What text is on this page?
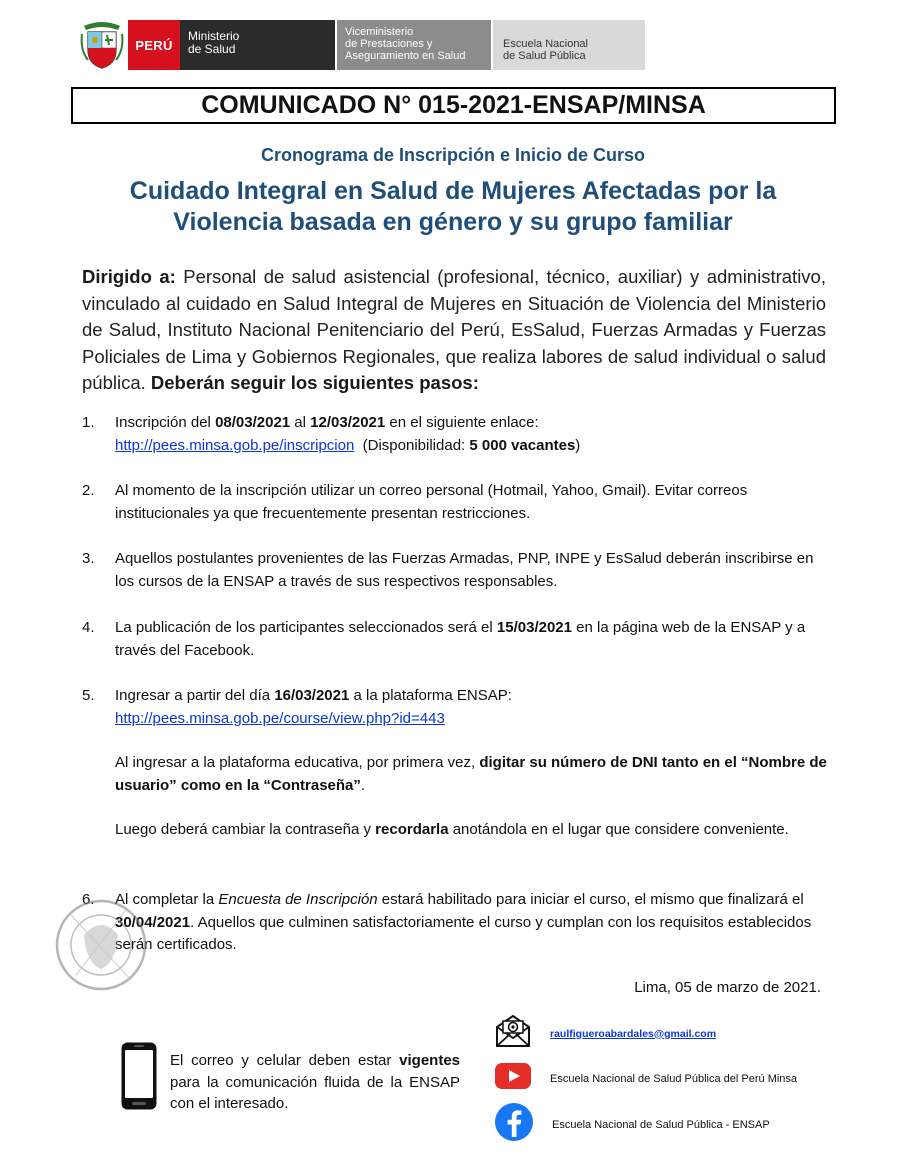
PERÚ
Ministerio
de Salud
Viceministerio
de Prestaciones y
Aseguramiento en Salud
Escuela Nacional
de Salud Pública
COMUNICADO N° 015-2021-ENSAP/MINSA
Cronograma de Inscripción e Inicio de Curso
Cuidado Integral en Salud de Mujeres Afectadas por la
Violencia basada en género y su grupo familiar
Dirigido a: Personal de salud asistencial (profesional, técnico, auxiliar) y administrativo, vinculado al cuidado en Salud Integral de Mujeres en Situación de Violencia del Ministerio de Salud, Instituto Nacional Penitenciario del Perú, EsSalud, Fuerzas Armadas y Fuerzas Policiales de Lima y Gobiernos Regionales, que realiza labores de salud individual o salud pública. Deberán seguir los siguientes pasos:
1. Inscripción del 08/03/2021 al 12/03/2021 en el siguiente enlace:
http://pees.minsa.gob.pe/inscripcion  (Disponibilidad: 5 000 vacantes)
2. Al momento de la inscripción utilizar un correo personal (Hotmail, Yahoo, Gmail). Evitar correos institucionales ya que frecuentemente presentan restricciones.
3. Aquellos postulantes provenientes de las Fuerzas Armadas, PNP, INPE y EsSalud deberán inscribirse en los cursos de la ENSAP a través de sus respectivos responsables.
4. La publicación de los participantes seleccionados será el 15/03/2021 en la página web de la ENSAP y a través del Facebook.
5. Ingresar a partir del día 16/03/2021 a la plataforma ENSAP:
http://pees.minsa.gob.pe/course/view.php?id=443
Al ingresar a la plataforma educativa, por primera vez, digitar su número de DNI tanto en el “Nombre de usuario” como en la “Contraseña”.
Luego deberá cambiar la contraseña y recordarla anotándola en el lugar que considere conveniente.
6. Al completar la Encuesta de Inscripción estará habilitado para iniciar el curso, el mismo que finalizará el 30/04/2021. Aquellos que culminen satisfactoriamente el curso y cumplan con los requisitos establecidos serán certificados.
Lima, 05 de marzo de 2021.
El correo y celular deben estar vigentes para la comunicación fluida de la ENSAP con el interesado.
raulfigueroabardales@gmail.com
Escuela Nacional de Salud Pública del Perú Minsa
Escuela Nacional de Salud Pública - ENSAP
